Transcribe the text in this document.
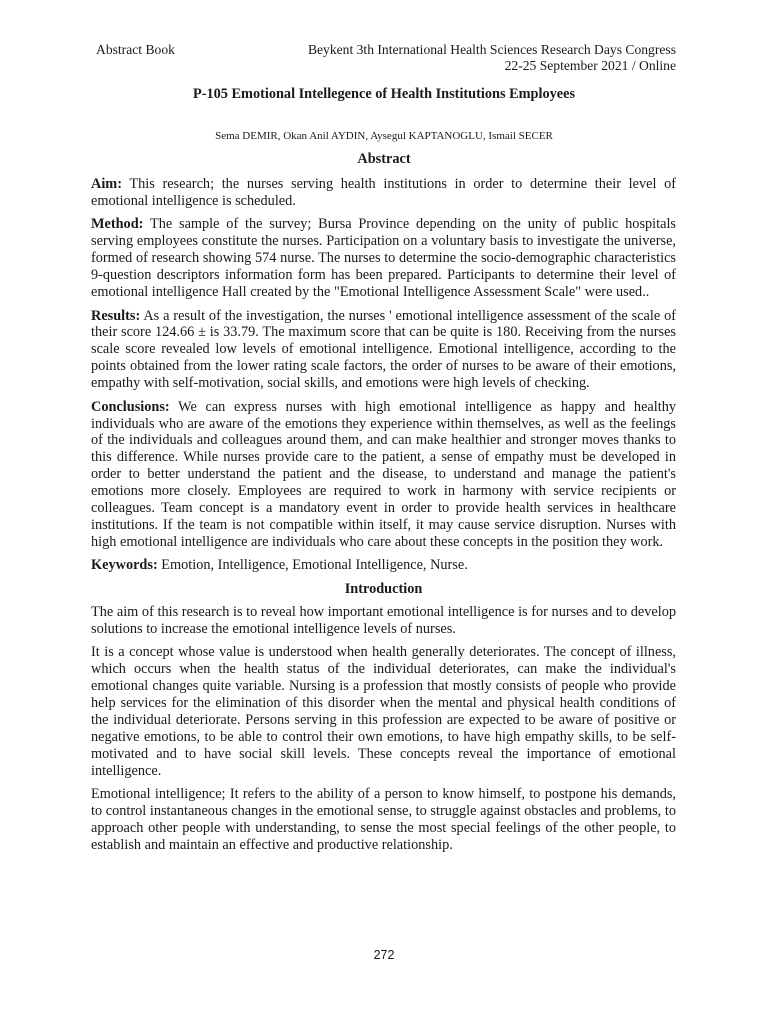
Abstract Book	Beykent 3th International Health Sciences Research Days Congress
22-25 September 2021 / Online
P-105 Emotional Intellegence of Health Institutions Employees
Sema DEMIR, Okan Anil AYDIN, Aysegul KAPTANOGLU, Ismail SECER
Abstract

Aim: This research; the nurses serving health institutions in order to determine their level of emotional intelligence is scheduled.

Method: The sample of the survey; Bursa Province depending on the unity of public hospitals serving employees constitute the nurses. Participation on a voluntary basis to investigate the universe, formed of research showing 574 nurse. The nurses to determine the socio-demographic characteristics 9-question descriptors information form has been prepared. Participants to determine their level of emotional intelligence Hall created by the "Emotional Intelligence Assessment Scale" were used..

Results: As a result of the investigation, the nurses ' emotional intelligence assessment of the scale of their score 124.66 ± is 33.79. The maximum score that can be quite is 180. Receiving from the nurses scale score revealed low levels of emotional intelligence. Emotional intelligence, according to the points obtained from the lower rating scale factors, the order of nurses to be aware of their emotions, empathy with self-motivation, social skills, and emotions were high levels of checking.

Conclusions: We can express nurses with high emotional intelligence as happy and healthy individuals who are aware of the emotions they experience within themselves, as well as the feelings of the individuals and colleagues around them, and can make healthier and stronger moves thanks to this difference. While nurses provide care to the patient, a sense of empathy must be developed in order to better understand the patient and the disease, to understand and manage the patient's emotions more closely. Employees are required to work in harmony with service recipients or colleagues. Team concept is a mandatory event in order to provide health services in healthcare institutions. If the team is not compatible within itself, it may cause service disruption. Nurses with high emotional intelligence are individuals who care about these concepts in the position they work.

Keywords: Emotion, Intelligence, Emotional Intelligence, Nurse.

Introduction

The aim of this research is to reveal how important emotional intelligence is for nurses and to develop solutions to increase the emotional intelligence levels of nurses.

It is a concept whose value is understood when health generally deteriorates. The concept of illness, which occurs when the health status of the individual deteriorates, can make the individual's emotional changes quite variable. Nursing is a profession that mostly consists of people who provide help services for the elimination of this disorder when the mental and physical health conditions of the individual deteriorate. Persons serving in this profession are expected to be aware of positive or negative emotions, to be able to control their own emotions, to have high empathy skills, to be self-motivated and to have social skill levels. These concepts reveal the importance of emotional intelligence.

Emotional intelligence; It refers to the ability of a person to know himself, to postpone his demands, to control instantaneous changes in the emotional sense, to struggle against obstacles and problems, to approach other people with understanding, to sense the most special feelings of the other people, to establish and maintain an effective and productive relationship.

272
